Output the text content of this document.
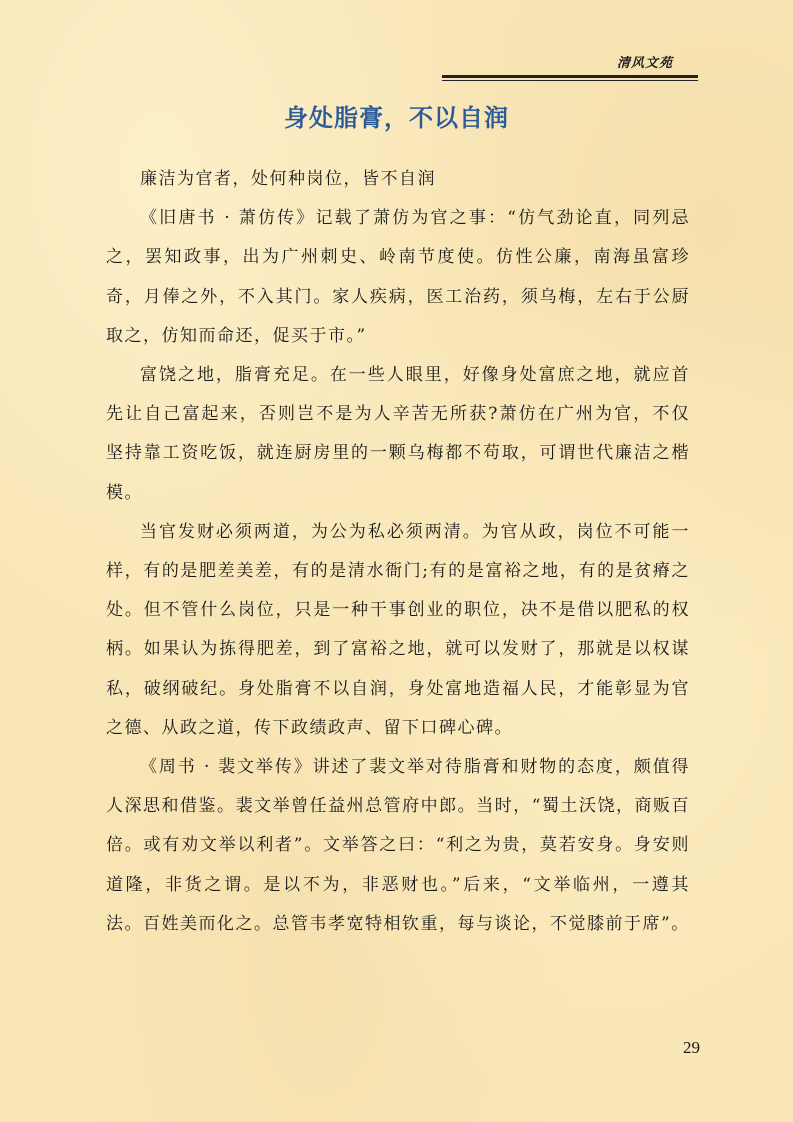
清风文苑
身处脂膏，不以自润

廉洁为官者，处何种岗位，皆不自润

《旧唐书 · 萧仿传》记载了萧仿为官之事：“仿气劲论直，同列忌之，罢知政事，出为广州刺史、岭南节度使。仿性公廉，南海虽富珍奇，月俸之外，不入其门。家人疾病，医工治药，须乌梅，左右于公厨取之，仿知而命还，促买于市。”

富饶之地，脂膏充足。在一些人眼里，好像身处富庶之地，就应首先让自己富起来，否则岂不是为人辛苦无所获?萧仿在广州为官，不仅坚持靠工资吃饭，就连厨房里的一颗乌梅都不苟取，可谓世代廉洁之楷模。

当官发财必须两道，为公为私必须两清。为官从政，岗位不可能一样，有的是肥差美差，有的是清水衙门;有的是富裕之地，有的是贫瘠之处。但不管什么岗位，只是一种干事创业的职位，决不是借以肥私的权柄。如果认为拣得肥差，到了富裕之地，就可以发财了，那就是以权谋私，破纲破纪。身处脂膏不以自润，身处富地造福人民，才能彰显为官之德、从政之道，传下政绩政声、留下口碑心碑。

《周书 · 裴文举传》讲述了裴文举对待脂膏和财物的态度，颇值得人深思和借鉴。裴文举曾任益州总管府中郎。当时，“蜀土沃饶，商贩百倍。或有劝文举以利者”。文举答之曰：“利之为贵，莫若安身。身安则道隆，非货之谓。是以不为，非恶财也。”后来，“文举临州，一遵其法。百姓美而化之。总管韦孝宽特相钦重，每与谈论，不觉膝前于席”。

29
